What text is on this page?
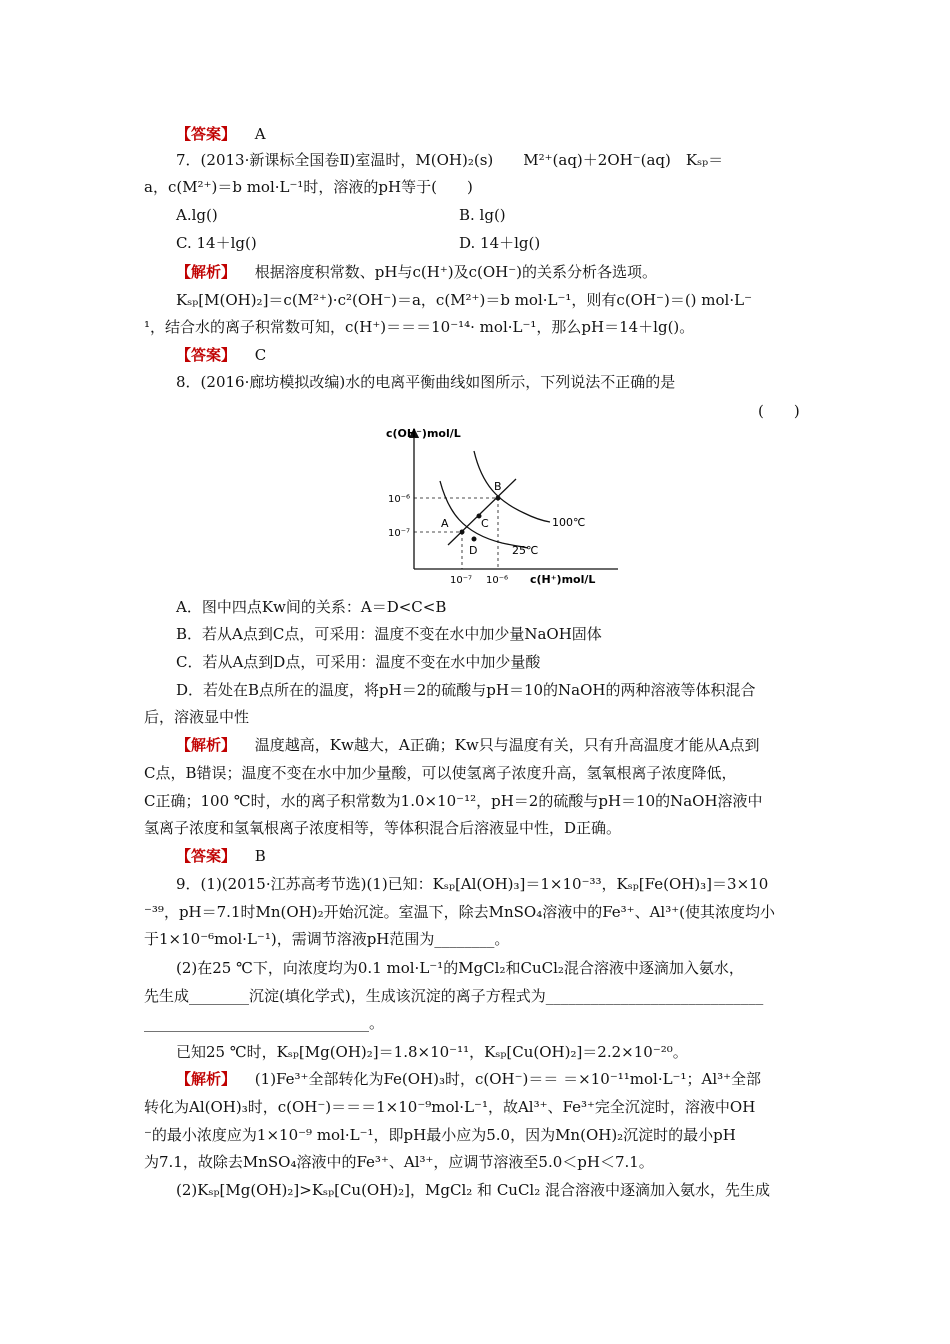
【答案】 A
7．(2013·新课标全国卷Ⅱ)室温时，M(OH)₂(s)　　M²⁺(aq)＋2OH⁻(aq)　Kₛₚ＝
a，c(M²⁺)＝b mol·L⁻¹时，溶液的pH等于(　　)
A.lg()	B. lg()
C. 14＋lg()	D. 14＋lg()
【解析】 根据溶度积常数、pH与c(H⁺)及c(OH⁻)的关系分析各选项。
Kₛₚ[M(OH)₂]＝c(M²⁺)·c²(OH⁻)＝a，c(M²⁺)＝b mol·L⁻¹，则有c(OH⁻)＝() mol·L⁻
¹，结合水的离子积常数可知，c(H⁺)＝＝＝10⁻¹⁴· mol·L⁻¹，那么pH＝14＋lg()。
【答案】 C
8．(2016·廊坊模拟改编)水的电离平衡曲线如图所示，下列说法不正确的是
(　　)
c(OH⁻)mol/L
c(H⁺)mol/L
10⁻⁶
10⁻⁷
10⁻⁷ 10⁻⁶
B
C
A
D
100℃
25℃
A．图中四点Kw间的关系：A＝D<C<B
B．若从A点到C点，可采用：温度不变在水中加少量NaOH固体
C．若从A点到D点，可采用：温度不变在水中加少量酸
D．若处在B点所在的温度，将pH＝2的硫酸与pH＝10的NaOH的两种溶液等体积混合
后，溶液显中性
【解析】 温度越高，Kw越大，A正确；Kw只与温度有关，只有升高温度才能从A点到
C点，B错误；温度不变在水中加少量酸，可以使氢离子浓度升高，氢氧根离子浓度降低，
C正确；100 ℃时，水的离子积常数为1.0×10⁻¹²，pH＝2的硫酸与pH＝10的NaOH溶液中
氢离子浓度和氢氧根离子浓度相等，等体积混合后溶液显中性，D正确。
【答案】 B
9．(1)(2015·江苏高考节选)(1)已知：Kₛₚ[Al(OH)₃]＝1×10⁻³³，Kₛₚ[Fe(OH)₃]＝3×10
⁻³⁹，pH＝7.1时Mn(OH)₂开始沉淀。室温下，除去MnSO₄溶液中的Fe³⁺、Al³⁺(使其浓度均小
于1×10⁻⁶mol·L⁻¹)，需调节溶液pH范围为________。
(2)在25 ℃下，向浓度均为0.1 mol·L⁻¹的MgCl₂和CuCl₂混合溶液中逐滴加入氨水，
先生成________沉淀(填化学式)，生成该沉淀的离子方程式为_____________________________
______________________________。
已知25 ℃时，Kₛₚ[Mg(OH)₂]＝1.8×10⁻¹¹，Kₛₚ[Cu(OH)₂]＝2.2×10⁻²⁰。
【解析】 (1)Fe³⁺全部转化为Fe(OH)₃时，c(OH⁻)＝＝ ＝×10⁻¹¹mol·L⁻¹；Al³⁺全部
转化为Al(OH)₃时，c(OH⁻)＝＝＝1×10⁻⁹mol·L⁻¹，故Al³⁺、Fe³⁺完全沉淀时，溶液中OH
⁻的最小浓度应为1×10⁻⁹ mol·L⁻¹，即pH最小应为5.0，因为Mn(OH)₂沉淀时的最小pH
为7.1，故除去MnSO₄溶液中的Fe³⁺、Al³⁺，应调节溶液至5.0＜pH＜7.1。
(2)Kₛₚ[Mg(OH)₂]>Kₛₚ[Cu(OH)₂]，MgCl₂ 和 CuCl₂ 混合溶液中逐滴加入氨水，先生成
